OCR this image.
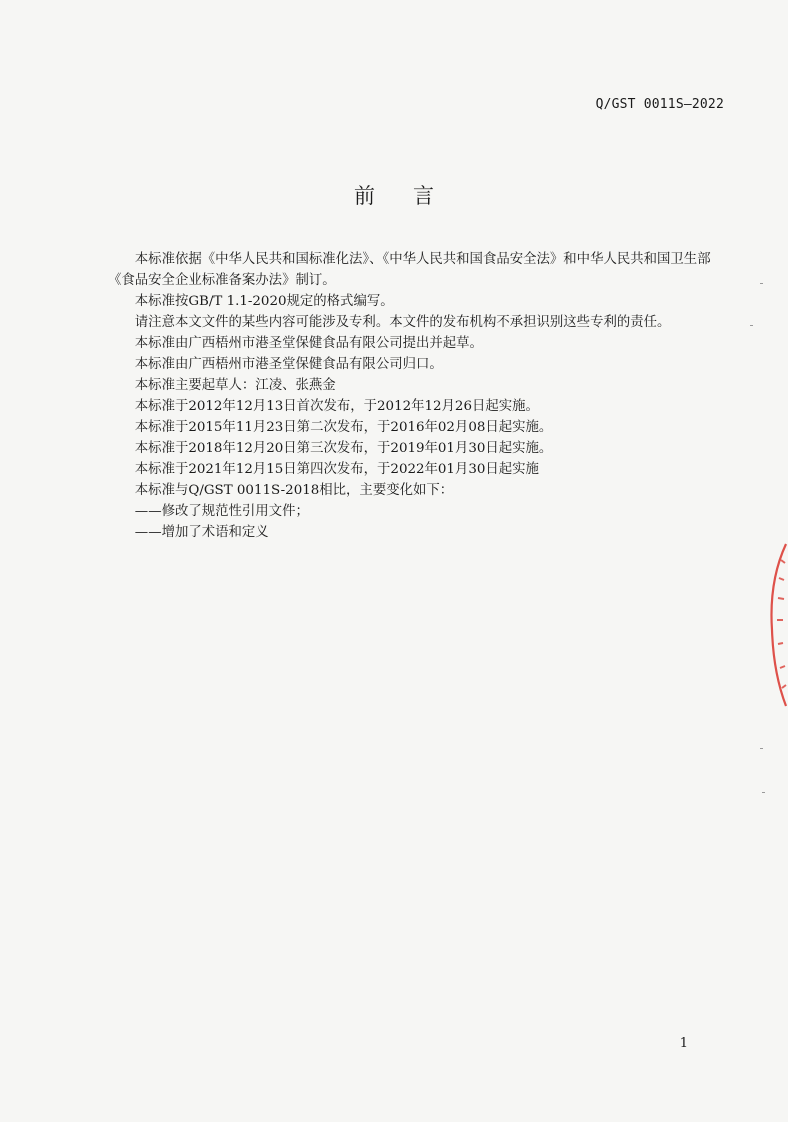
Q/GST 0011S—2022
前言

本标准依据《中华人民共和国标准化法》、《中华人民共和国食品安全法》和中华人民共和国卫生部《食品安全企业标准备案办法》制订。

本标准按GB/T 1.1-2020规定的格式编写。

请注意本文文件的某些内容可能涉及专利。本文件的发布机构不承担识别这些专利的责任。

本标准由广西梧州市港圣堂保健食品有限公司提出并起草。

本标准由广西梧州市港圣堂保健食品有限公司归口。

本标准主要起草人：江凌、张燕金

本标准于2012年12月13日首次发布，于2012年12月26日起实施。

本标准于2015年11月23日第二次发布，于2016年02月08日起实施。

本标准于2018年12月20日第三次发布，于2019年01月30日起实施。

本标准于2021年12月15日第四次发布，于2022年01月30日起实施

本标准与Q/GST 0011S-2018相比，主要变化如下：

——修改了规范性引用文件；

——增加了术语和定义

1
